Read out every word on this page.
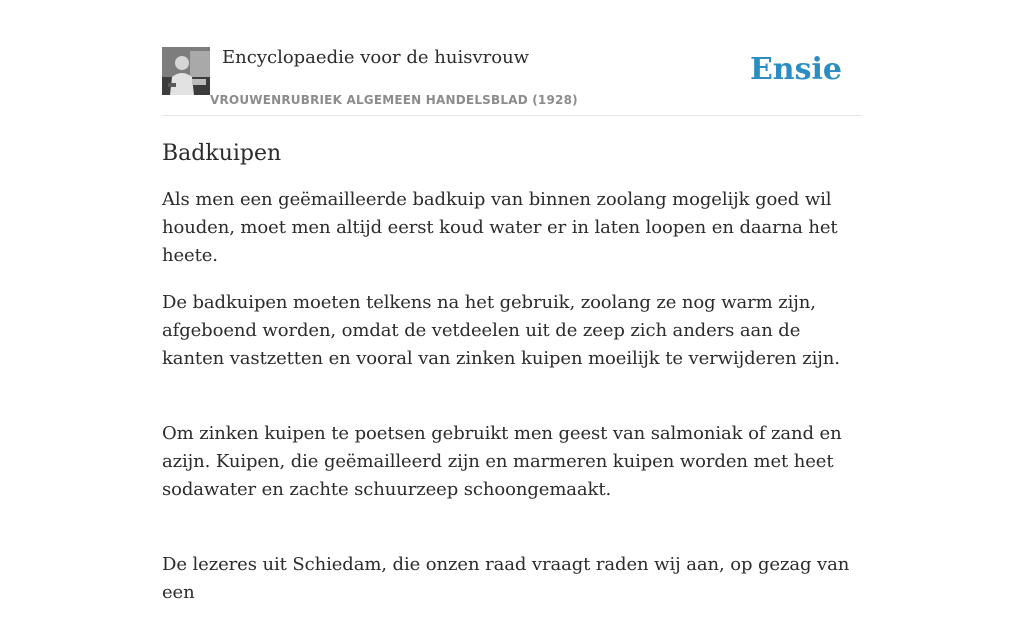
Encyclopaedie voor de huisvrouw
VROUWENRUBRIEK ALGEMEEN HANDELSBLAD (1928)
Ensie
Badkuipen

Als men een geëmailleerde badkuip van binnen zoolang mogelijk goed wil houden, moet men altijd eerst koud water er in laten loopen en daarna het heete.

De badkuipen moeten telkens na het gebruik, zoolang ze nog warm zijn, afgeboend worden, omdat de vetdeelen uit de zeep zich anders aan de kanten vastzetten en vooral van zinken kuipen moeilijk te verwijderen zijn.

Om zinken kuipen te poetsen gebruikt men geest van salmoniak of zand en azijn. Kuipen, die geëmailleerd zijn en marmeren kuipen worden met heet sodawater en zachte schuurzeep schoongemaakt.

De lezeres uit Schiedam, die onzen raad vraagt raden wij aan, op gezag van een
